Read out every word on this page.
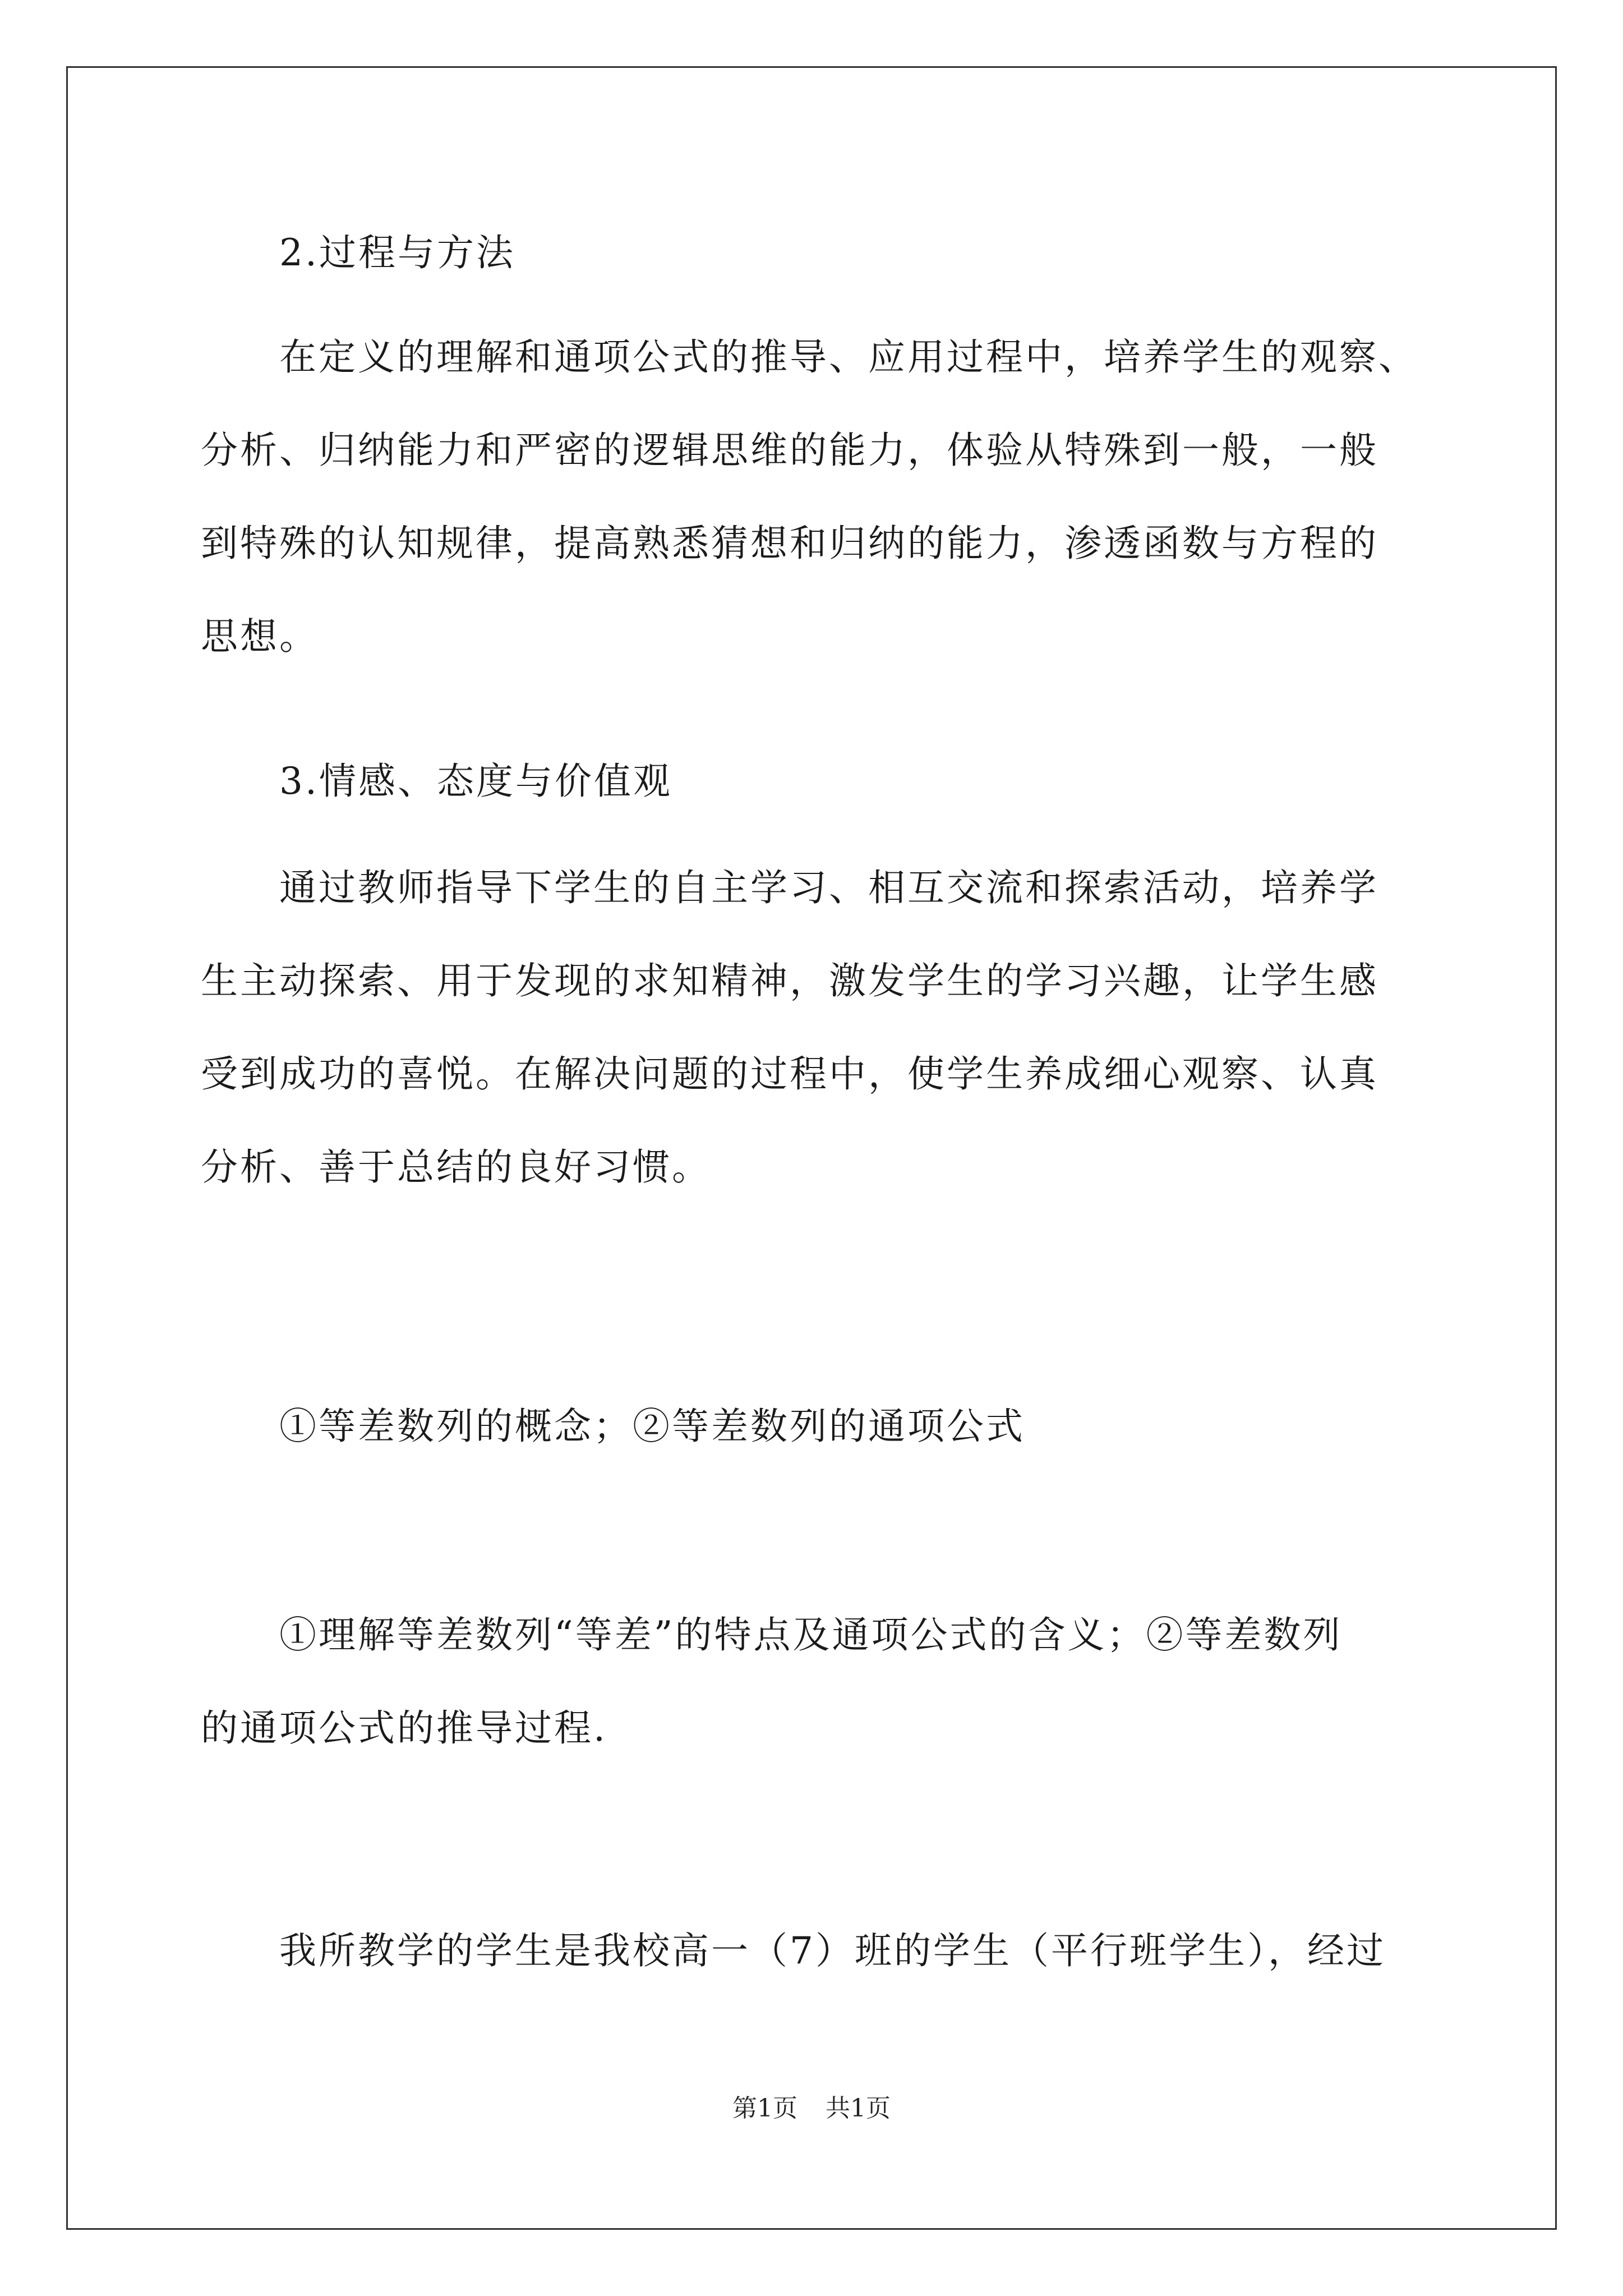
2.过程与方法
在定义的理解和通项公式的推导、应用过程中，培养学生的观察、
分析、归纳能力和严密的逻辑思维的能力，体验从特殊到一般，一般
到特殊的认知规律，提高熟悉猜想和归纳的能力，渗透函数与方程的
思想。
3.情感、态度与价值观
通过教师指导下学生的自主学习、相互交流和探索活动，培养学
生主动探索、用于发现的求知精神，激发学生的学习兴趣，让学生感
受到成功的喜悦。在解决问题的过程中，使学生养成细心观察、认真
分析、善于总结的良好习惯。
①等差数列的概念；②等差数列的通项公式
①理解等差数列“等差”的特点及通项公式的含义；②等差数列
的通项公式的推导过程.
我所教学的学生是我校高一（7）班的学生（平行班学生），经过
第1页 共1页
